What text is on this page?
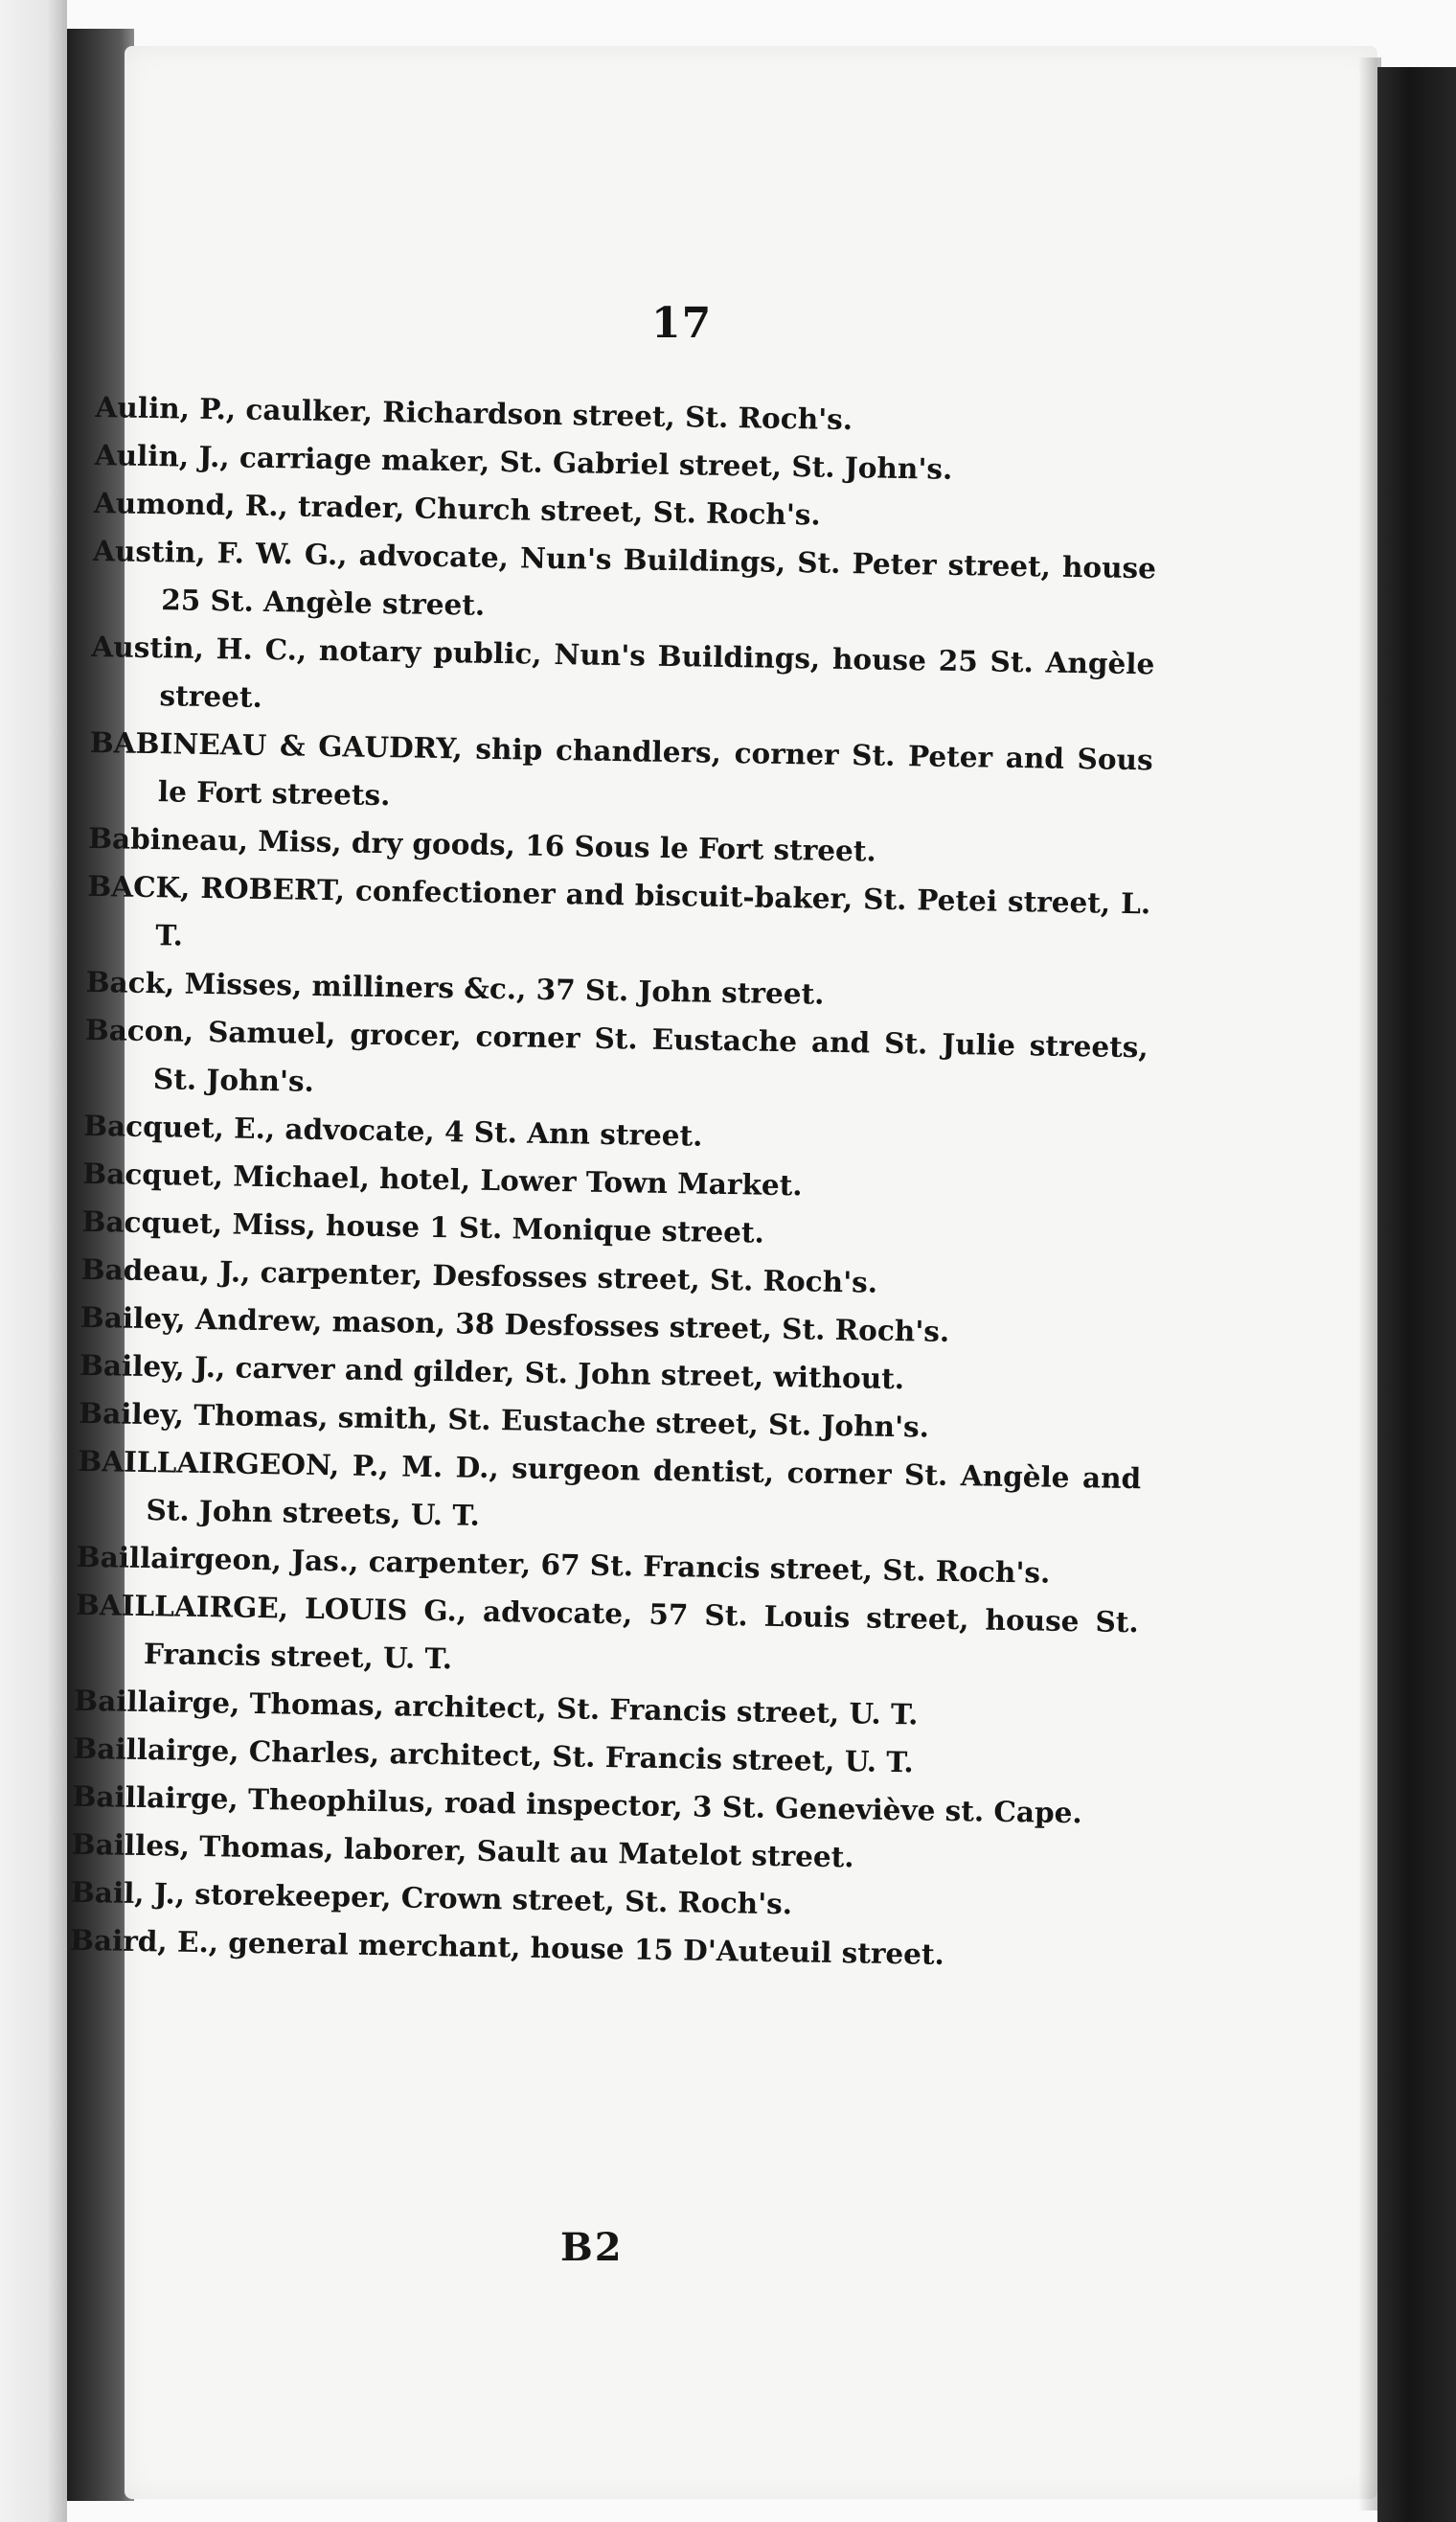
17
Aulin, P., caulker, Richardson street, St. Roch's.
Aulin, J., carriage maker, St. Gabriel street, St. John's.
Aumond, R., trader, Church street, St. Roch's.
Austin, F. W. G., advocate, Nun's Buildings, St. Peter street, house 25 St. Angèle street.
Austin, H. C., notary public, Nun's Buildings, house 25 St. Angèle street.
BABINEAU & GAUDRY, ship chandlers, corner St. Peter and Sous le Fort streets.
Babineau, Miss, dry goods, 16 Sous le Fort street.
BACK, ROBERT, confectioner and biscuit-baker, St. Petei street, L. T.
Back, Misses, milliners &c., 37 St. John street.
Bacon, Samuel, grocer, corner St. Eustache and St. Julie streets, St. John's.
Bacquet, E., advocate, 4 St. Ann street.
Bacquet, Michael, hotel, Lower Town Market.
Bacquet, Miss, house 1 St. Monique street.
Badeau, J., carpenter, Desfosses street, St. Roch's.
Bailey, Andrew, mason, 38 Desfosses street, St. Roch's.
Bailey, J., carver and gilder, St. John street, without.
Bailey, Thomas, smith, St. Eustache street, St. John's.
BAILLAIRGEON, P., M. D., surgeon dentist, corner St. Angèle and St. John streets, U. T.
Baillairgeon, Jas., carpenter, 67 St. Francis street, St. Roch's.
BAILLAIRGE, LOUIS G., advocate, 57 St. Louis street, house St. Francis street, U. T.
Baillairge, Thomas, architect, St. Francis street, U. T.
Baillairge, Charles, architect, St. Francis street, U. T.
Baillairge, Theophilus, road inspector, 3 St. Geneviève st. Cape.
Bailles, Thomas, laborer, Sault au Matelot street.
Bail, J., storekeeper, Crown street, St. Roch's.
Baird, E., general merchant, house 15 D'Auteuil street.
B2
